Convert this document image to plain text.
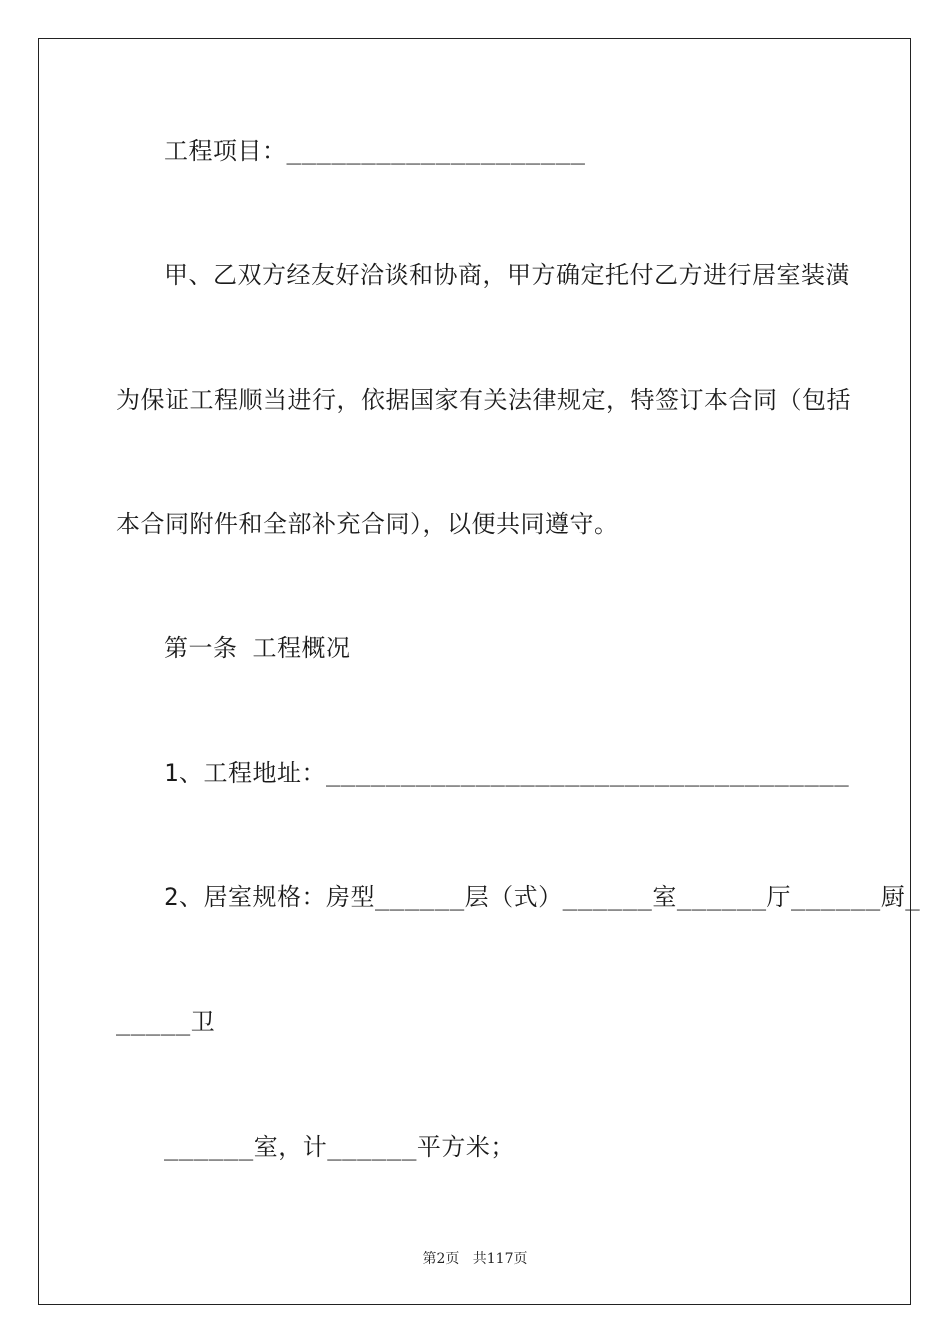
工程项目：____________________
甲、乙双方经友好洽谈和协商，甲方确定托付乙方进行居室装潢
为保证工程顺当进行，依据国家有关法律规定，特签订本合同（包括
本合同附件和全部补充合同），以便共同遵守。
第一条 工程概况
1、工程地址：___________________________________
2、居室规格：房型______层（式）______室______厅______厨_
_____卫
______室，计______平方米；
第2页   共117页
